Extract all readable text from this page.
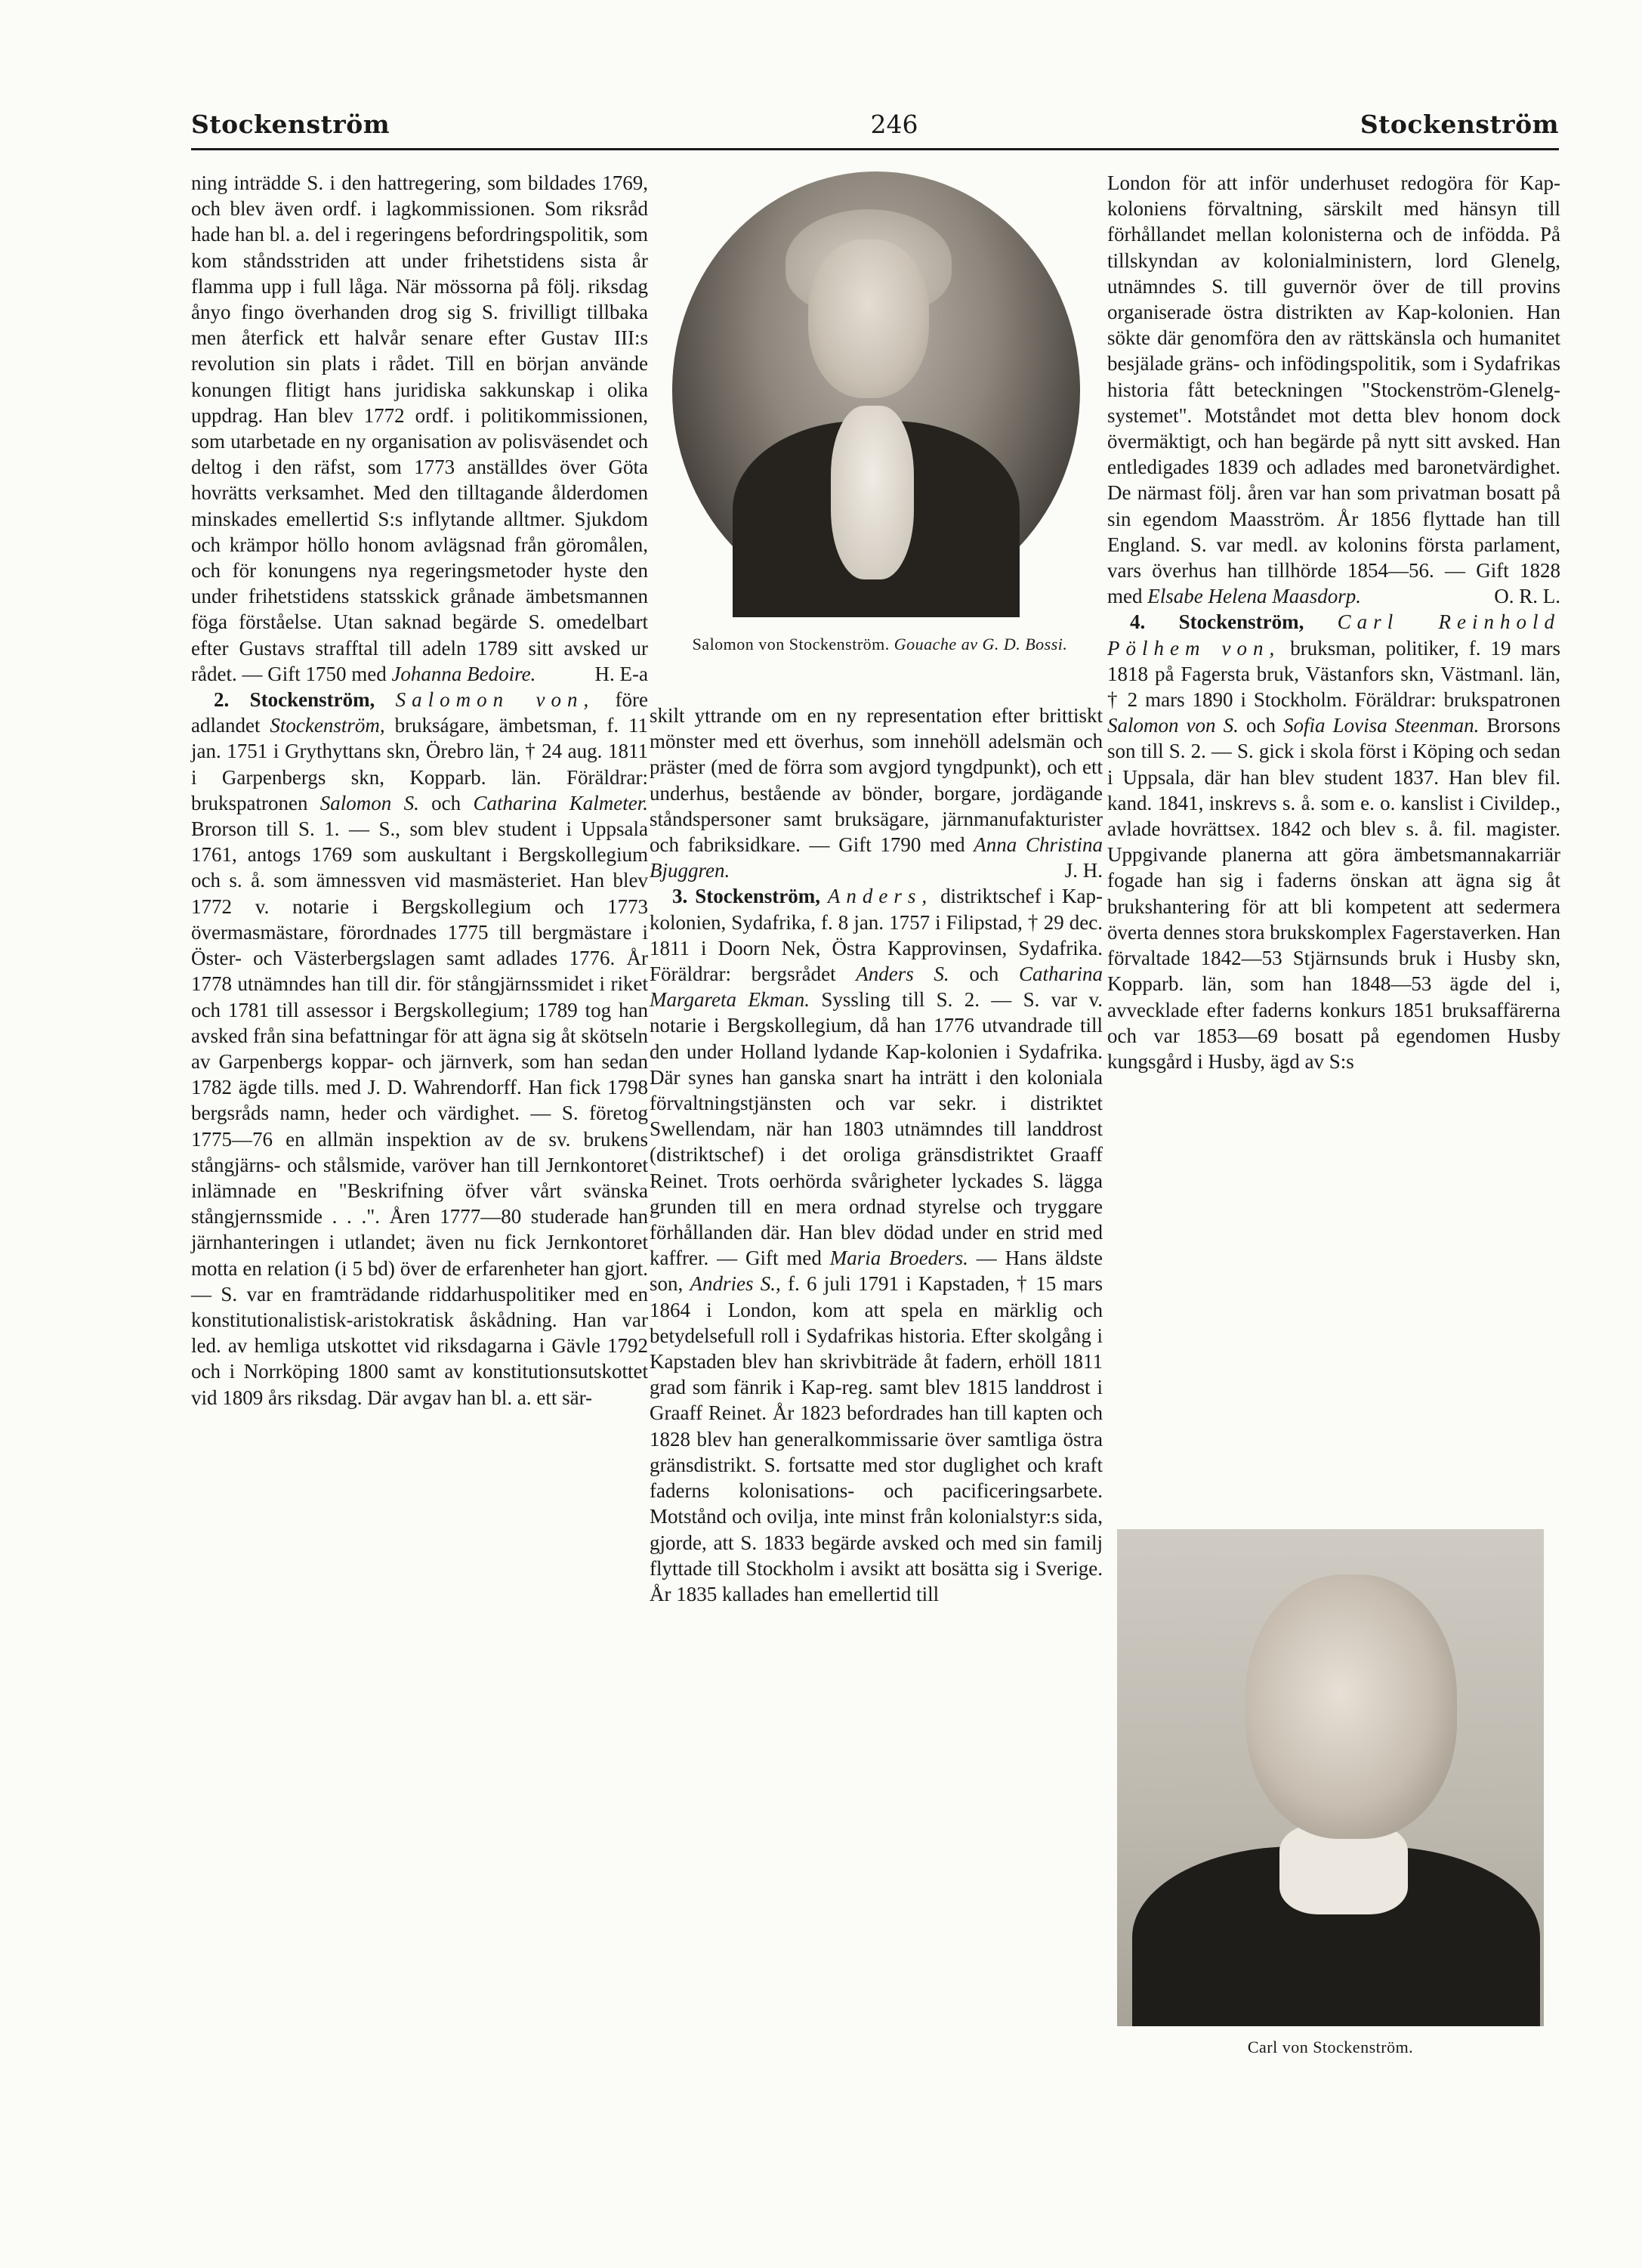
Stockenström	246	Stockenström

ning inträdde S. i den hattregering, som bildades 1769, och blev även ordf. i lagkommissionen. Som riksråd hade han bl. a. del i regeringens befordringspolitik, som kom ståndsstriden att under frihetstidens sista år flamma upp i full låga. När mössorna på följ. riksdag ånyo fingo överhanden drog sig S. frivilligt tillbaka men återfick ett halvår senare efter Gustav III:s revolution sin plats i rådet. Till en början använde konungen flitigt hans juridiska sakkunskap i olika uppdrag. Han blev 1772 ordf. i politikommissionen, som utarbetade en ny organisation av polisväsendet och deltog i den räfst, som 1773 anställdes över Göta hovrätts verksamhet. Med den tilltagande ålderdomen minskades emellertid S:s inflytande alltmer. Sjukdom och krämpor höllo honom avlägsnad från göromålen, och för konungens nya regeringsmetoder hyste den under frihetstidens statsskick grånade ämbetsmannen föga förståelse. Utan saknad begärde S. omedelbart efter Gustavs strafftal till adeln 1789 sitt avsked ur rådet. — Gift 1750 med Johanna Bedoire.	H. E-a

2. Stockenström, Salomon von, före adlandet Stockenström, brukságare, ämbetsman, f. 11 jan. 1751 i Grythyttans skn, Örebro län, † 24 aug. 1811 i Garpenbergs skn, Kopparb. län. Föräldrar: brukspatronen Salomon S. och Catharina Kalmeter. Brorson till S. 1. — S., som blev student i Uppsala 1761, antogs 1769 som auskultant i Bergskollegium och s. å. som ämnessven vid masmästeriet. Han blev 1772 v. notarie i Bergskollegium och 1773 övermasmästare, förordnades 1775 till bergmästare i Öster- och Västerbergslagen samt adlades 1776. År 1778 utnämndes han till dir. för stångjärnssmidet i riket och 1781 till assessor i Bergskollegium; 1789 tog han avsked från sina befattningar för att ägna sig åt skötseln av Garpenbergs koppar- och järnverk, som han sedan 1782 ägde tills. med J. D. Wahrendorff. Han fick 1798 bergsråds namn, heder och värdighet. — S. företog 1775—76 en allmän inspektion av de sv. brukens stångjärns- och stålsmide, varöver han till Jernkontoret inlämnade en "Beskrifning öfver vårt svänska stångjernssmide . . .". Åren 1777—80 studerade han järnhanteringen i utlandet; även nu fick Jernkontoret motta en relation (i 5 bd) över de erfarenheter han gjort. — S. var en framträdande riddarhuspolitiker med en konstitutionalistisk-aristokratisk åskådning. Han var led. av hemliga utskottet vid riksdagarna i Gävle 1792 och i Norrköping 1800 samt av konstitutionsutskottet vid 1809 års riksdag. Där avgav han bl. a. ett sär-

Salomon von Stockenström. Gouache av G. D. Bossi.

skilt yttrande om en ny representation efter brittiskt mönster med ett överhus, som innehöll adelsmän och präster (med de förra som avgjord tyngdpunkt), och ett underhus, bestående av bönder, borgare, jordägande ståndspersoner samt bruksägare, järnmanufakturister och fabriksidkare. — Gift 1790 med Anna Christina Bjuggren.	J. H.

3. Stockenström, Anders, distriktschef i Kap-kolonien, Sydafrika, f. 8 jan. 1757 i Filipstad, † 29 dec. 1811 i Doorn Nek, Östra Kapprovinsen, Sydafrika. Föräldrar: bergsrådet Anders S. och Catharina Margareta Ekman. Syssling till S. 2. — S. var v. notarie i Bergskollegium, då han 1776 utvandrade till den under Holland lydande Kap-kolonien i Sydafrika. Där synes han ganska snart ha inträtt i den koloniala förvaltningstjänsten och var sekr. i distriktet Swellendam, när han 1803 utnämndes till landdrost (distriktschef) i det oroliga gränsdistriktet Graaff Reinet. Trots oerhörda svårigheter lyckades S. lägga grunden till en mera ordnad styrelse och tryggare förhållanden där. Han blev dödad under en strid med kaffrer. — Gift med Maria Broeders. — Hans äldste son, Andries S., f. 6 juli 1791 i Kapstaden, † 15 mars 1864 i London, kom att spela en märklig och betydelsefull roll i Sydafrikas historia. Efter skolgång i Kapstaden blev han skrivbiträde åt fadern, erhöll 1811 grad som fänrik i Kap-reg. samt blev 1815 landdrost i Graaff Reinet. År 1823 befordrades han till kapten och 1828 blev han generalkommissarie över samtliga östra gränsdistrikt. S. fortsatte med stor duglighet och kraft faderns kolonisations- och pacificeringsarbete. Motstånd och ovilja, inte minst från kolonialstyr:s sida, gjorde, att S. 1833 begärde avsked och med sin familj flyttade till Stockholm i avsikt att bosätta sig i Sverige. År 1835 kallades han emellertid till

London för att inför underhuset redogöra för Kap-koloniens förvaltning, särskilt med hänsyn till förhållandet mellan kolonisterna och de infödda. På tillskyndan av kolonialministern, lord Glenelg, utnämndes S. till guvernör över de till provins organiserade östra distrikten av Kap-kolonien. Han sökte där genomföra den av rättskänsla och humanitet besjälade gräns- och infödingspolitik, som i Sydafrikas historia fått beteckningen "Stockenström-Glenelg-systemet". Motståndet mot detta blev honom dock övermäktigt, och han begärde på nytt sitt avsked. Han entledigades 1839 och adlades med baronetvärdighet. De närmast följ. åren var han som privatman bosatt på sin egendom Maasström. År 1856 flyttade han till England. S. var medl. av kolonins första parlament, vars överhus han tillhörde 1854—56. — Gift 1828 med Elsabe Helena Maasdorp.	O. R. L.

4. Stockenström, Carl Reinhold Pölhem von, bruksman, politiker, f. 19 mars 1818 på Fagersta bruk, Västanfors skn, Västmanl. län, † 2 mars 1890 i Stockholm. Föräldrar: brukspatronen Salomon von S. och Sofia Lovisa Steenman. Brorsons son till S. 2. — S. gick i skola först i Köping och sedan i Uppsala, där han blev student 1837. Han blev fil. kand. 1841, inskrevs s. å. som e. o. kanslist i Civildep., avlade hovrättsex. 1842 och blev s. å. fil. magister. Uppgivande planerna att göra ämbetsmannakarriär fogade han sig i faderns önskan att ägna sig åt brukshantering för att bli kompetent att sedermera överta dennes stora brukskomplex Fagerstaverken. Han förvaltade 1842—53 Stjärnsunds bruk i Husby skn, Kopparb. län, som han 1848—53 ägde del i, avvecklade efter faderns konkurs 1851 bruksaffärerna och var 1853—69 bosatt på egendomen Husby kungsgård i Husby, ägd av S:s

Carl von Stockenström.
